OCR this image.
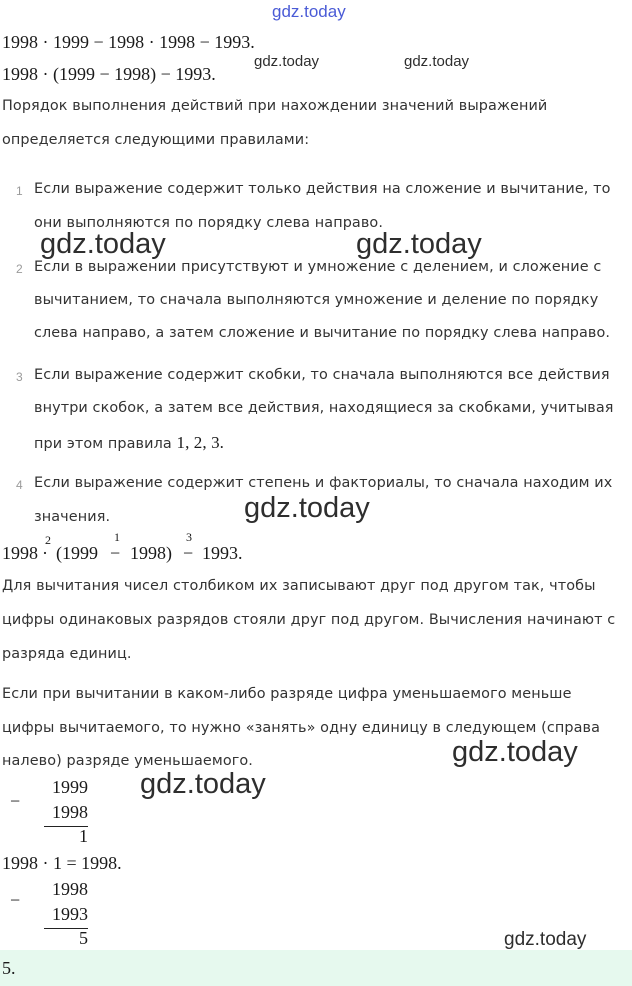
gdz.today
gdz.today	gdz.today
gdz.today	gdz.today
gdz.today
gdz.today
gdz.today
gdz.today
1998 · 1999 − 1998 · 1998 − 1993.
1998 · (1999 − 1998) − 1993.
Порядок выполнения действий при нахождении значений выражений
определяется следующими правилами:
1 Если выражение содержит только действия на сложение и вычитание, то
они выполняются по порядку слева направо.
2 Если в выражении присутствуют и умножение с делением, и сложение с
вычитанием, то сначала выполняются умножение и деление по порядку
слева направо, а затем сложение и вычитание по порядку слева направо.
3 Если выражение содержит скобки, то сначала выполняются все действия
внутри скобок, а затем все действия, находящиеся за скобками, учитывая
при этом правила 1, 2, 3.
4 Если выражение содержит степень и факториалы, то сначала находим их
значения.
1998 ·
2
(1999 −
1
1998) −
3
1993.
Для вычитания чисел столбиком их записывают друг под другом так, чтобы
цифры одинаковых разрядов стояли друг под другом. Вычисления начинают с
разряда единиц.
Если при вычитании в каком-либо разряде цифра уменьшаемого меньше
цифры вычитаемого, то нужно «занять» одну единицу в следующем (справа
налево) разряде уменьшаемого.
−
1999
1998
1
1998 · 1 = 1998.
−
1998
1993
5
5.
